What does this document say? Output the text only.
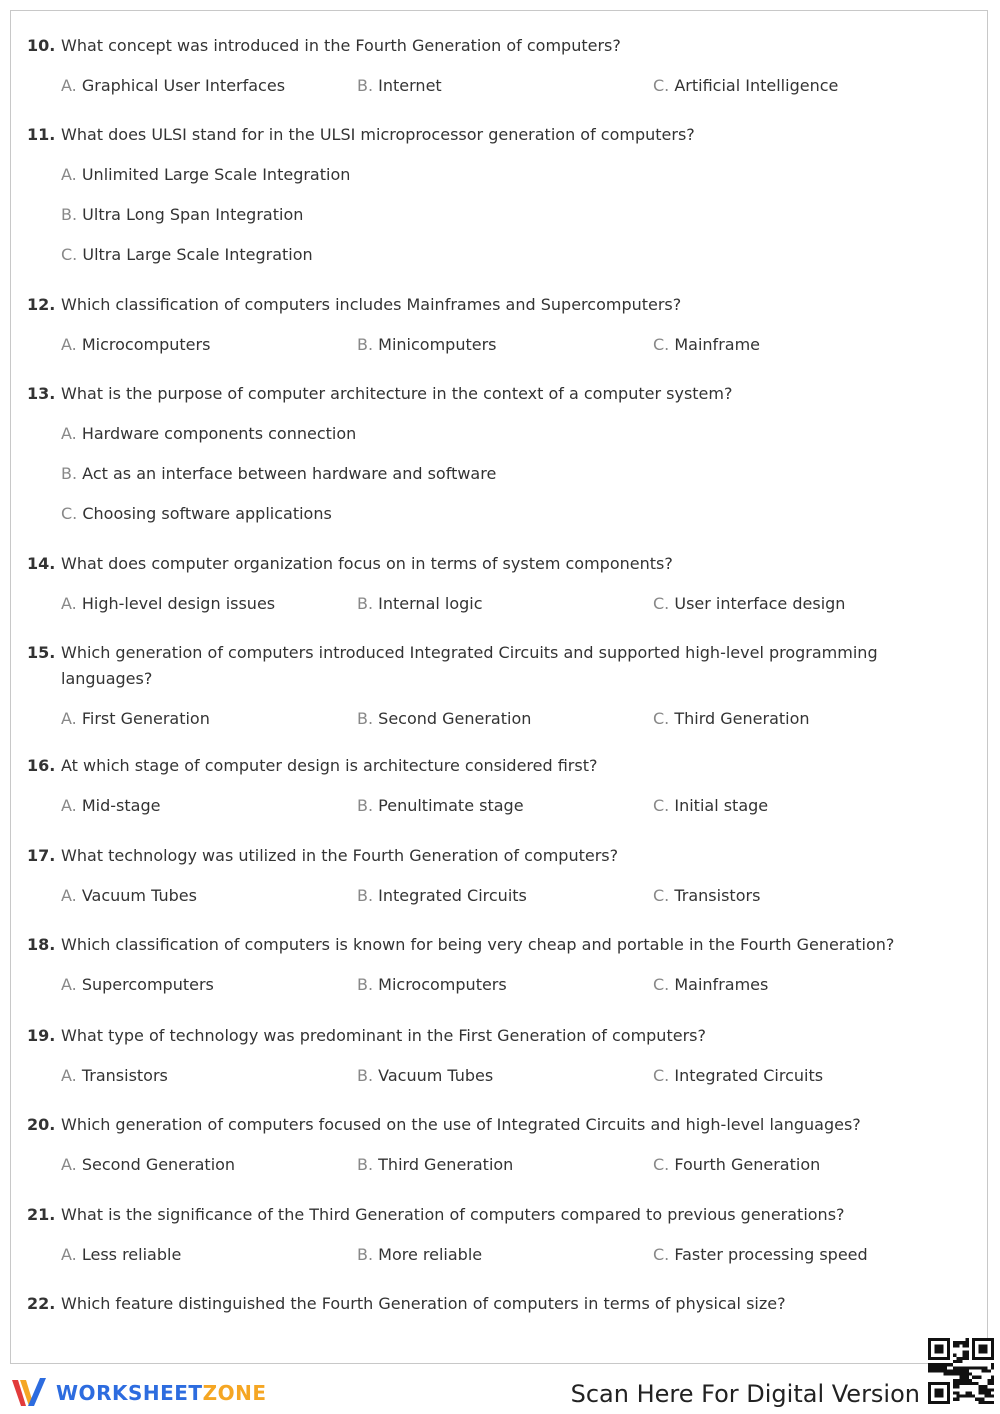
10. What concept was introduced in the Fourth Generation of computers?
A. Graphical User Interfaces	B. Internet	C. Artificial Intelligence
11. What does ULSI stand for in the ULSI microprocessor generation of computers?
A. Unlimited Large Scale Integration
B. Ultra Long Span Integration
C. Ultra Large Scale Integration
12. Which classification of computers includes Mainframes and Supercomputers?
A. Microcomputers	B. Minicomputers	C. Mainframe
13. What is the purpose of computer architecture in the context of a computer system?
A. Hardware components connection
B. Act as an interface between hardware and software
C. Choosing software applications
14. What does computer organization focus on in terms of system components?
A. High-level design issues	B. Internal logic	C. User interface design
15. Which generation of computers introduced Integrated Circuits and supported high-level programming languages?
A. First Generation	B. Second Generation	C. Third Generation
16. At which stage of computer design is architecture considered first?
A. Mid-stage	B. Penultimate stage	C. Initial stage
17. What technology was utilized in the Fourth Generation of computers?
A. Vacuum Tubes	B. Integrated Circuits	C. Transistors
18. Which classification of computers is known for being very cheap and portable in the Fourth Generation?
A. Supercomputers	B. Microcomputers	C. Mainframes
19. What type of technology was predominant in the First Generation of computers?
A. Transistors	B. Vacuum Tubes	C. Integrated Circuits
20. Which generation of computers focused on the use of Integrated Circuits and high-level languages?
A. Second Generation	B. Third Generation	C. Fourth Generation
21. What is the significance of the Third Generation of computers compared to previous generations?
A. Less reliable	B. More reliable	C. Faster processing speed
22. Which feature distinguished the Fourth Generation of computers in terms of physical size?
WORKSHEETZONE	Scan Here For Digital Version
